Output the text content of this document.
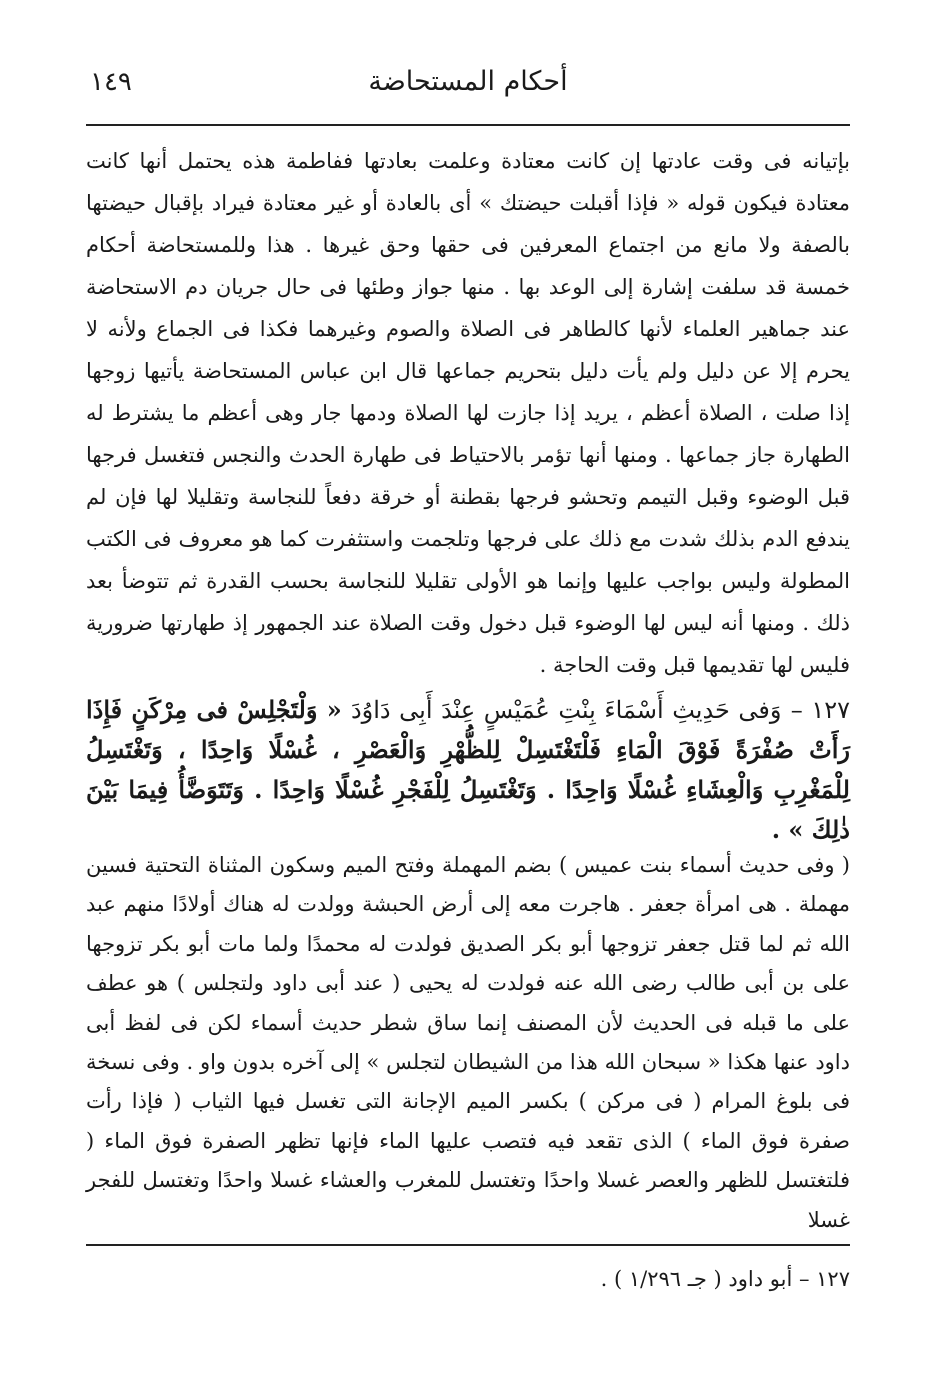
أحكام المستحاضة
١٤٩
بإتيانه فى وقت عادتها إن كانت معتادة وعلمت بعادتها ففاطمة هذه يحتمل أنها كانت معتادة فيكون قوله « فإذا أقبلت حيضتك » أى بالعادة أو غير معتادة فيراد بإقبال حيضتها بالصفة ولا مانع من اجتماع المعرفين فى حقها وحق غيرها . هذا وللمستحاضة أحكام خمسة قد سلفت إشارة إلى الوعد بها . منها جواز وطئها فى حال جريان دم الاستحاضة عند جماهير العلماء لأنها كالطاهر فى الصلاة والصوم وغيرهما فكذا فى الجماع ولأنه لا يحرم إلا عن دليل ولم يأت دليل بتحريم جماعها قال ابن عباس المستحاضة يأتيها زوجها إذا صلت ، الصلاة أعظم ، يريد إذا جازت لها الصلاة ودمها جار وهى أعظم ما يشترط له الطهارة جاز جماعها . ومنها أنها تؤمر بالاحتياط فى طهارة الحدث والنجس فتغسل فرجها قبل الوضوء وقبل التيمم وتحشو فرجها بقطنة أو خرقة دفعاً للنجاسة وتقليلا لها فإن لم يندفع الدم بذلك شدت مع ذلك على فرجها وتلجمت واستثفرت كما هو معروف فى الكتب المطولة وليس بواجب عليها وإنما هو الأولى تقليلا للنجاسة بحسب القدرة ثم تتوضأ بعد ذلك . ومنها أنه ليس لها الوضوء قبل دخول وقت الصلاة عند الجمهور إذ طهارتها ضرورية فليس لها تقديمها قبل وقت الحاجة .
١٢٧ – وَفى حَدِيثِ أَسْمَاءَ بِنْتِ عُمَيْسٍ عِنْدَ أَبِى دَاوُدَ « وَلْتَجْلِسْ فى مِرْكَنٍ فَإِذَا رَأَتْ صُفْرَةً فَوْقَ الْمَاءِ فَلْتَغْتَسِلْ لِلظُّهْرِ وَالْعَصْرِ ، غُسْلًا وَاحِدًا ، وَتَغْتَسِلُ لِلْمَغْرِبِ وَالْعِشَاءِ غُسْلًا وَاحِدًا . وَتَغْتَسِلُ لِلْفَجْرِ غُسْلًا وَاحِدًا . وَتَتَوَضَّأُ فِيمَا بَيْنَ ذٰلِكَ » .
( وفى حديث أسماء بنت عميس ) بضم المهملة وفتح الميم وسكون المثناة التحتية فسين مهملة . هى امرأة جعفر . هاجرت معه إلى أرض الحبشة وولدت له هناك أولادًا منهم عبد الله ثم لما قتل جعفر تزوجها أبو بكر الصديق فولدت له محمدًا ولما مات أبو بكر تزوجها على بن أبى طالب رضى الله عنه فولدت له يحيى ( عند أبى داود ولتجلس ) هو عطف على ما قبله فى الحديث لأن المصنف إنما ساق شطر حديث أسماء لكن فى لفظ أبى داود عنها هكذا « سبحان الله هذا من الشيطان لتجلس » إلى آخره بدون واو . وفى نسخة فى بلوغ المرام ( فى مركن ) بكسر الميم الإجانة التى تغسل فيها الثياب ( فإذا رأت صفرة فوق الماء ) الذى تقعد فيه فتصب عليها الماء فإنها تظهر الصفرة فوق الماء ( فلتغتسل للظهر والعصر غسلا واحدًا وتغتسل للمغرب والعشاء غسلا واحدًا وتغتسل للفجر غسلا
١٢٧ – أبو داود ( جـ ١/٢٩٦ ) .
